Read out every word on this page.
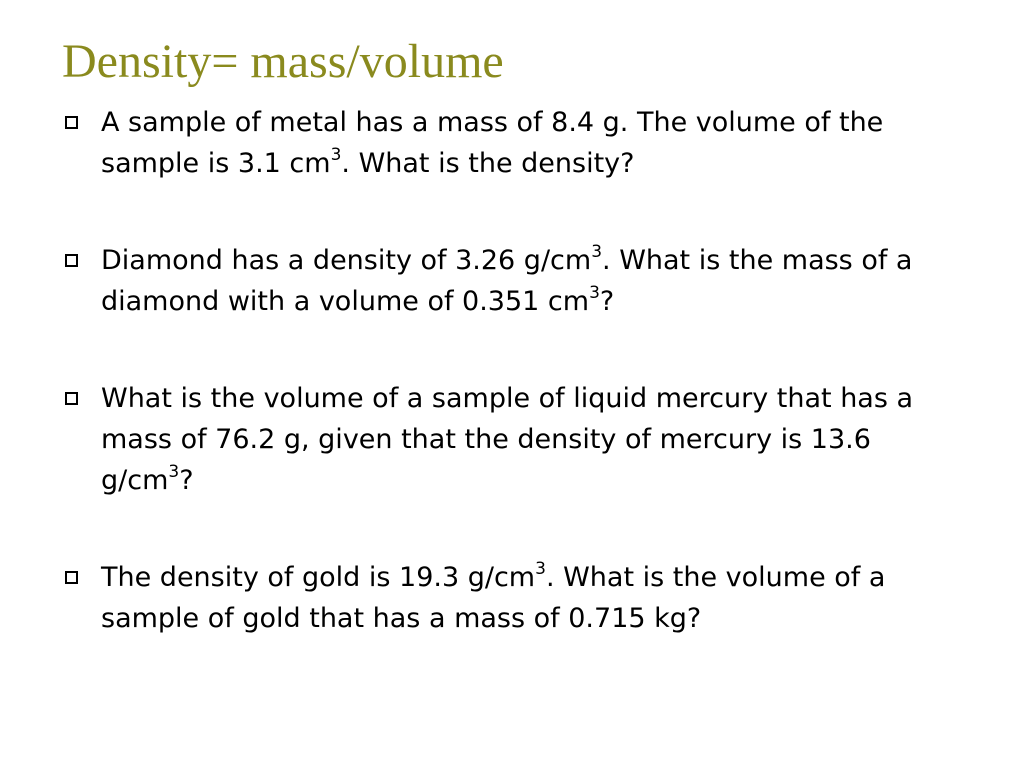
Density= mass/volume
A sample of metal has a mass of 8.4 g. The volume of the sample is 3.1 $cm^3$. What is the density?
Diamond has a density of 3.26 $g/cm^3$. What is the mass of a diamond with a volume of 0.351 $cm^3$?
What is the volume of a sample of liquid mercury that has a mass of 76.2 g, given that the density of mercury is 13.6 $g/cm^3$?
The density of gold is 19.3 $g/cm^3$. What is the volume of a sample of gold that has a mass of 0.715 kg?
